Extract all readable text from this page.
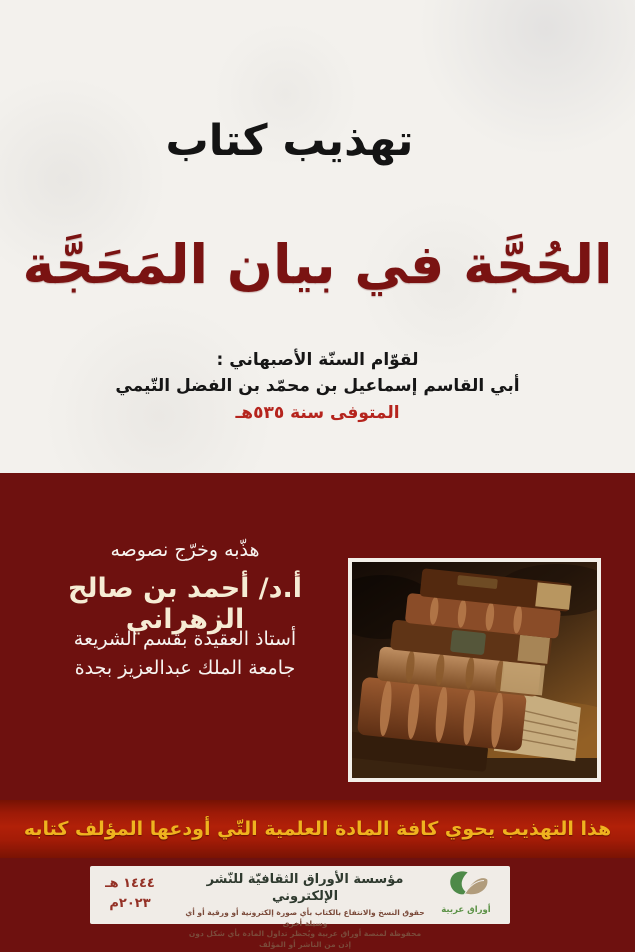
تهذيب كتاب
الحُجَّة في بيان المَحَجَّة
لقوّام السنّة الأصبهاني :
أبي القاسم إسماعيل بن محمّد بن الفضل التّيمي
المتوفى سنة ٥٣٥هـ
هذّبه وخرّج نصوصه
أ.د/ أحمد بن صالح الزهراني
أستاذ العقيدة بقسم الشريعة
جامعة الملك عبدالعزيز بجدة
هذا التهذيب يحوي كافة المادة العلمية التّي أودعها المؤلف كتابه
١٤٤٤ هـ
٢٠٢٣م
مؤسسة الأوراق الثقافيّة للنّشر الإلكتروني
حقوق النسخ والانتفاع بالكتاب بأي صورة إلكترونية أو ورقية أو أي وسيلة أخرى
محفوظة لمنصة أوراق عربية ويُحظر تداول المادة بأي شكل دون إذن من الناشر أو المؤلف
أوراق عربية
